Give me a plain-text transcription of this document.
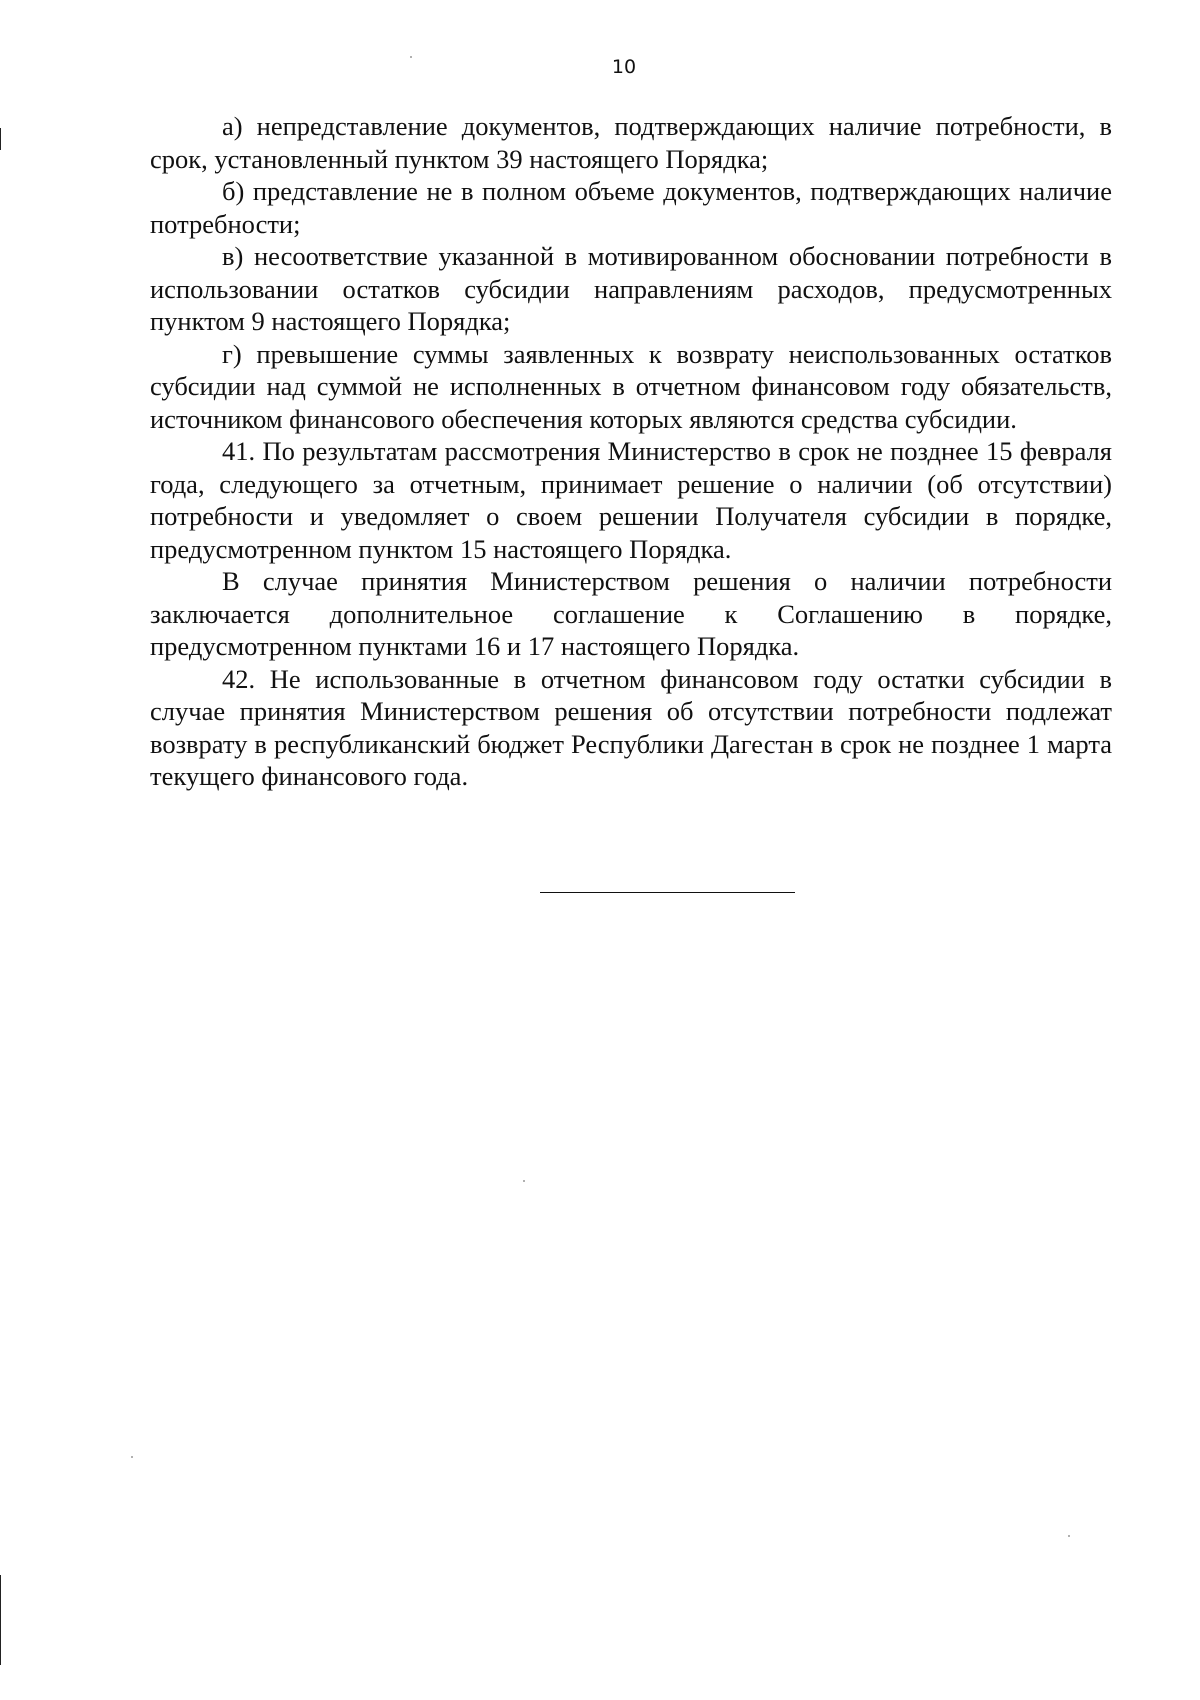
10

а) непредставление документов, подтверждающих наличие потребности, в срок, установленный пунктом 39 настоящего Порядка;

б) представление не в полном объеме документов, подтверждающих наличие потребности;

в) несоответствие указанной в мотивированном обосновании потребности в использовании остатков субсидии направлениям расходов, предусмотренных пунктом 9 настоящего Порядка;

г) превышение суммы заявленных к возврату неиспользованных остатков субсидии над суммой не исполненных в отчетном финансовом году обязательств, источником финансового обеспечения которых являются средства субсидии.

41. По результатам рассмотрения Министерство в срок не позднее 15 февраля года, следующего за отчетным, принимает решение о наличии (об отсутствии) потребности и уведомляет о своем решении Получателя субсидии в порядке, предусмотренном пунктом 15 настоящего Порядка.

В случае принятия Министерством решения о наличии потребности заключается дополнительное соглашение к Соглашению в порядке, предусмотренном пунктами 16 и 17 настоящего Порядка.

42. Не использованные в отчетном финансовом году остатки субсидии в случае принятия Министерством решения об отсутствии потребности подлежат возврату в республиканский бюджет Республики Дагестан в срок не позднее 1 марта текущего финансового года.
